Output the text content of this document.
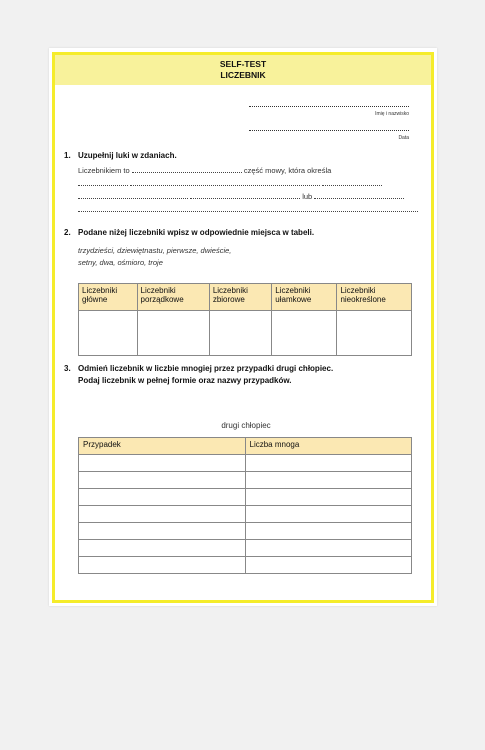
SELF-TEST
LICZEBNIK
Imię i nazwisko
Data
1. Uzupełnij luki w zdaniach.
Liczebnikiem to	część mowy, która określa

lub
2. Podane niżej liczebniki wpisz w odpowiednie miejsca w tabeli.
trzydzieści, dziewiętnastu, pierwsze, dwieście,
setny, dwa, ośmioro, troje
Liczebniki główne	Liczebniki porządkowe	Liczebniki zbiorowe	Liczebniki ułamkowe	Liczebniki nieokreślone

3. Odmień liczebnik w liczbie mnogiej przez przypadki drugi chłopiec.
Podaj liczebnik w pełnej formie oraz nazwy przypadków.
drugi chłopiec
Przypadek	Liczba mnoga
